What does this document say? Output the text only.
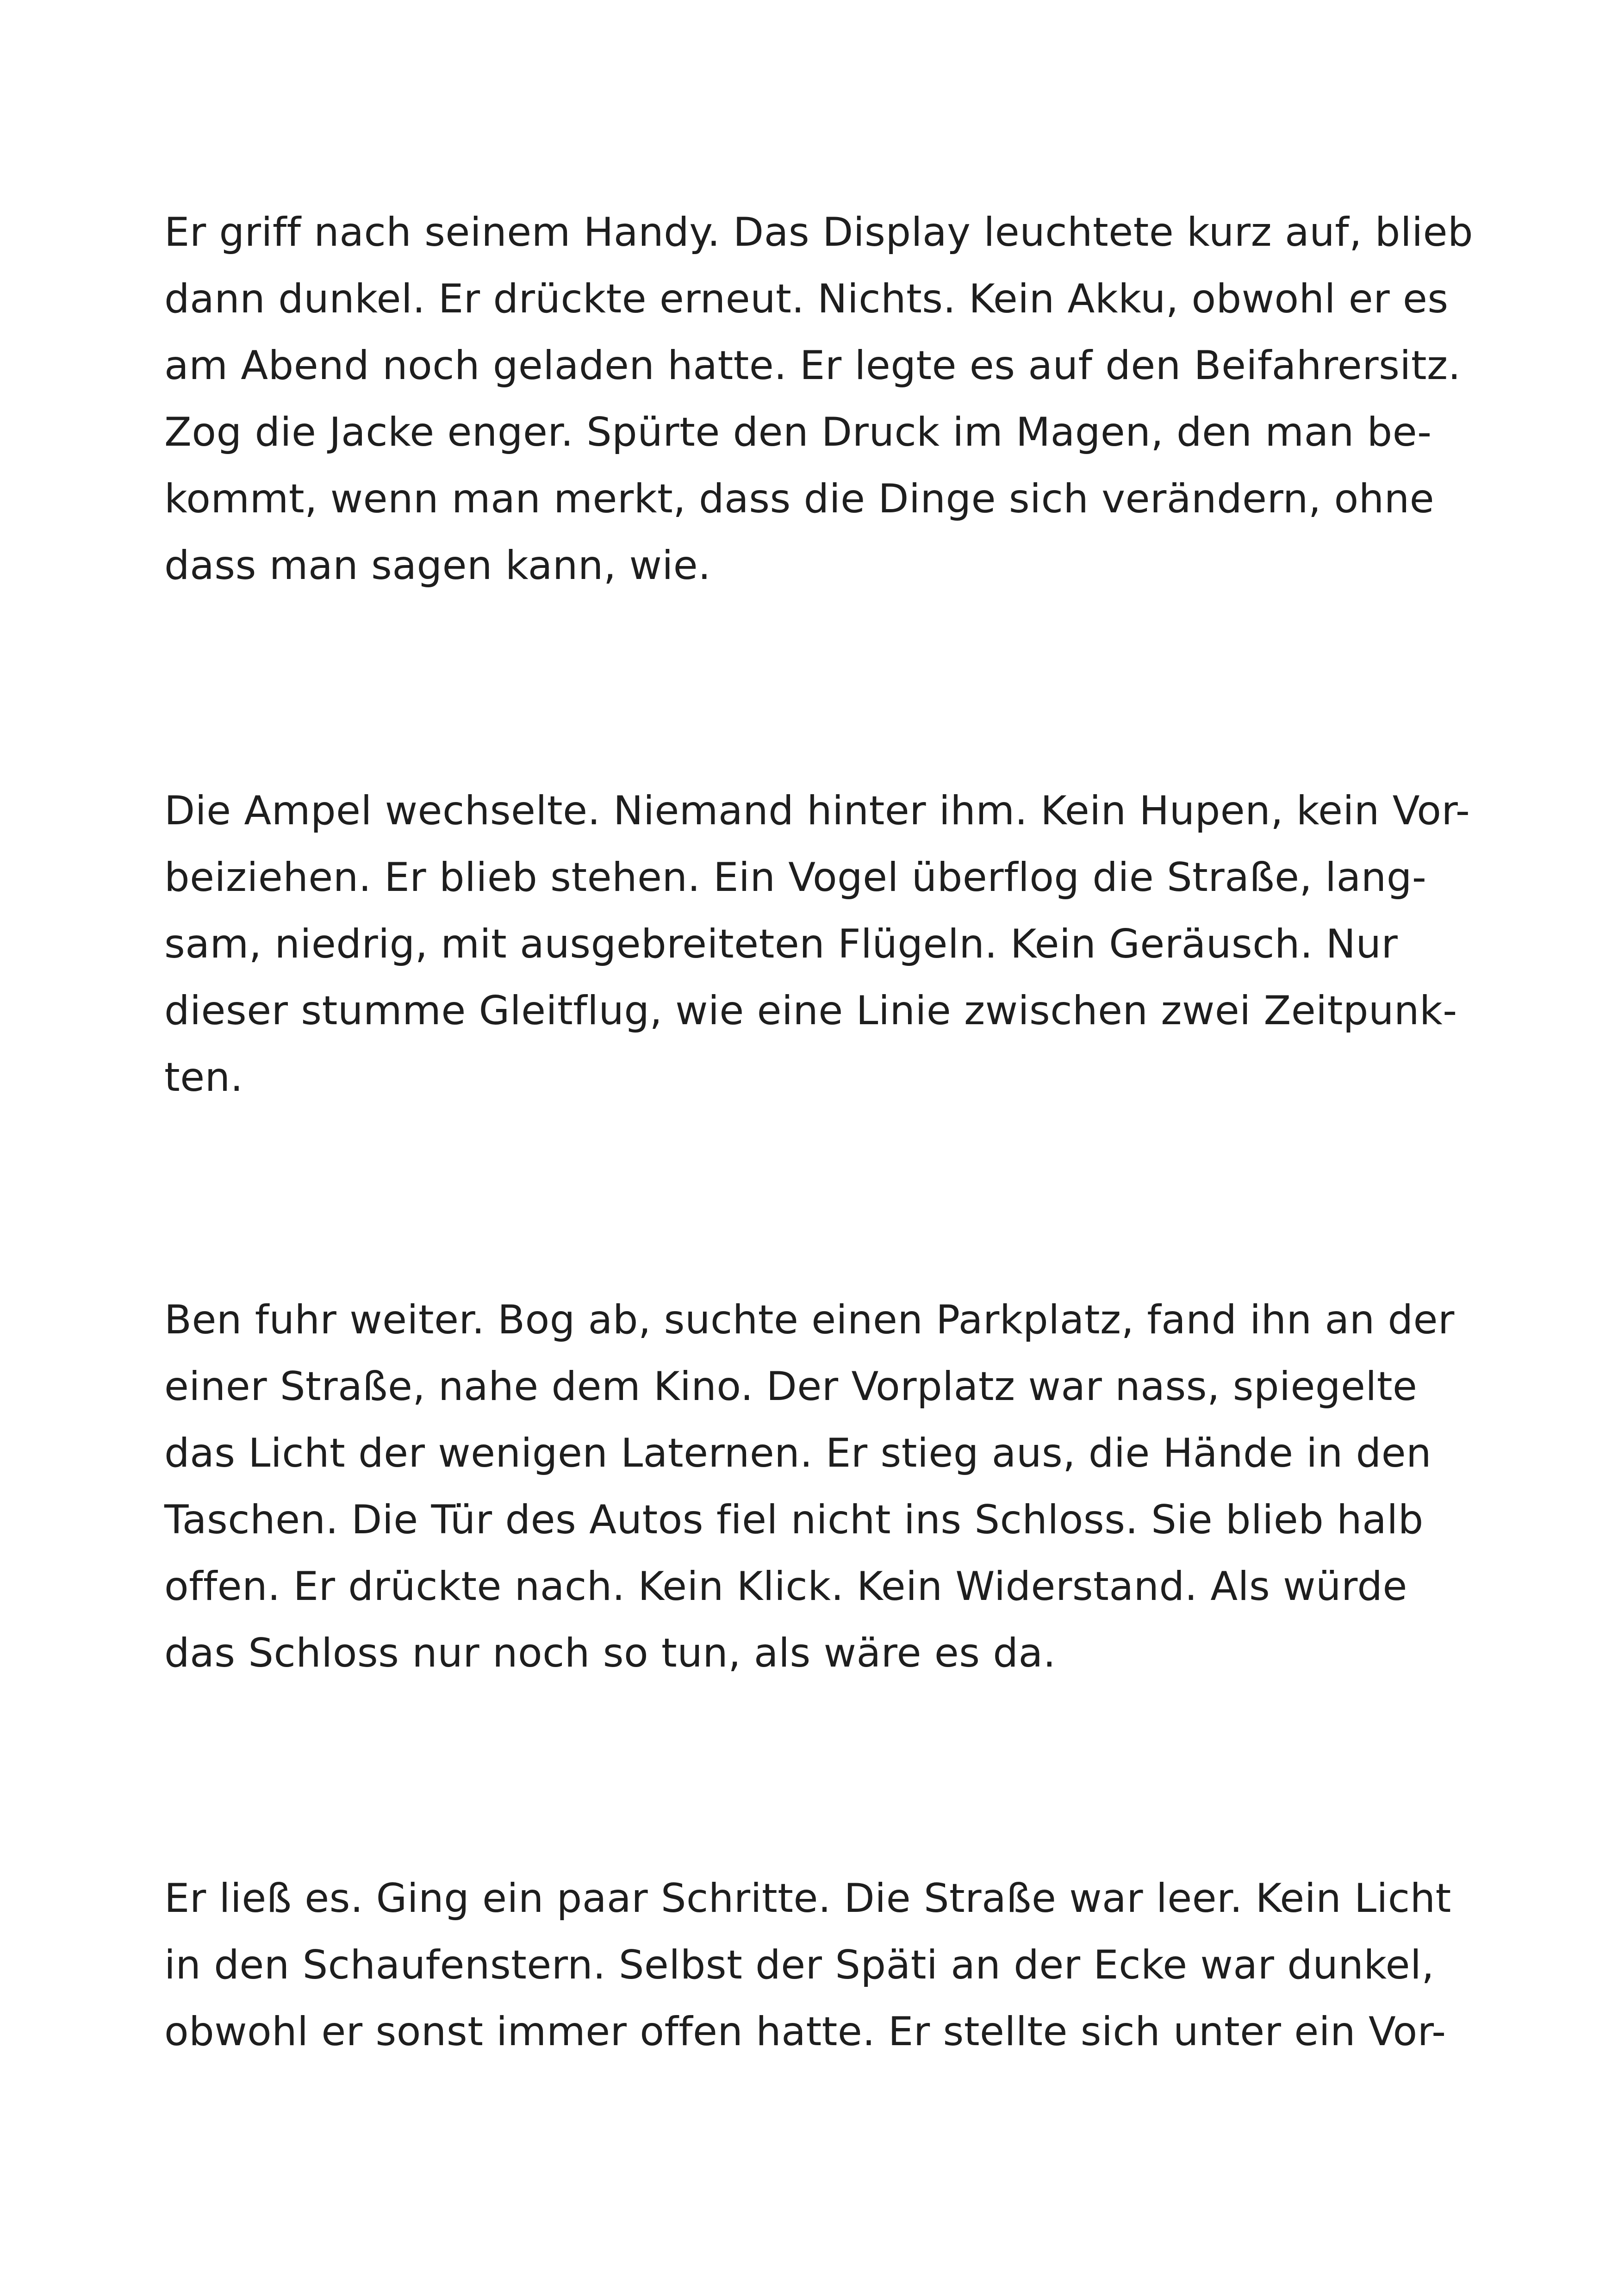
Er griff nach seinem Handy. Das Display leuchtete kurz auf, blieb
dann dunkel. Er drückte erneut. Nichts. Kein Akku, obwohl er es
am Abend noch geladen hatte. Er legte es auf den Beifahrersitz.
Zog die Jacke enger. Spürte den Druck im Magen, den man be-
kommt, wenn man merkt, dass die Dinge sich verändern, ohne
dass man sagen kann, wie.
Die Ampel wechselte. Niemand hinter ihm. Kein Hupen, kein Vor-
beiziehen. Er blieb stehen. Ein Vogel überflog die Straße, lang-
sam, niedrig, mit ausgebreiteten Flügeln. Kein Geräusch. Nur
dieser stumme Gleitflug, wie eine Linie zwischen zwei Zeitpunk-
ten.
Ben fuhr weiter. Bog ab, suchte einen Parkplatz, fand ihn an der
einer Straße, nahe dem Kino. Der Vorplatz war nass, spiegelte
das Licht der wenigen Laternen. Er stieg aus, die Hände in den
Taschen. Die Tür des Autos fiel nicht ins Schloss. Sie blieb halb
offen. Er drückte nach. Kein Klick. Kein Widerstand. Als würde
das Schloss nur noch so tun, als wäre es da.
Er ließ es. Ging ein paar Schritte. Die Straße war leer. Kein Licht
in den Schaufenstern. Selbst der Späti an der Ecke war dunkel,
obwohl er sonst immer offen hatte. Er stellte sich unter ein Vor-
